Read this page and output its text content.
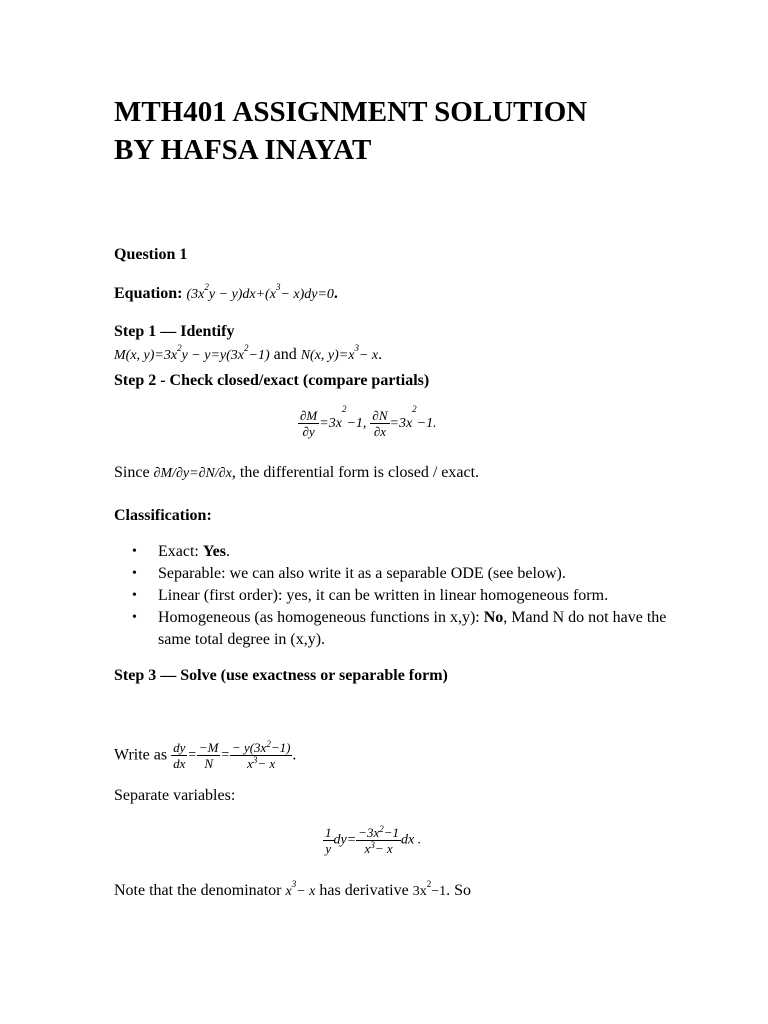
MTH401 ASSIGNMENT SOLUTION
BY HAFSA INAYAT
Question 1
Equation: $(3x^2y - y)dx+(x^3- x)dy=0$.
Step 1 — Identify
M(x, $y)=3x^2y - y=y(3x^2-1)$ and N(x, $y)=x^3- x$.
Step 2 - Check closed/exact (compare partials)
$\frac{\partial M}{\partial y} =3x^2-1$, $\frac{\partial N}{\partial x} =3x^2-1$.
Since ∂M/∂y=∂N/∂x, the differential form is closed / exact.
Classification:
• Exact: Yes.
• Separable: we can also write it as a separable ODE (see below).
• Linear (first order): yes, it can be written in linear homogeneous form.
• Homogeneous (as homogeneous functions in x,y): No, Mand N do not have the same total degree in (x,y).
Step 3 — Solve (use exactness or separable form)
Write as $\frac{dy}{dx} = \frac{-M}{N} = \frac{- y(3x^2-1)}{x^3- x}$ .
Separate variables:
$\frac{1}{y} dy= \frac{-3x^2-1}{x^3- x}$ dx .
Note that the denominator $x^3- x$ has derivative $3x^2-1$. So
